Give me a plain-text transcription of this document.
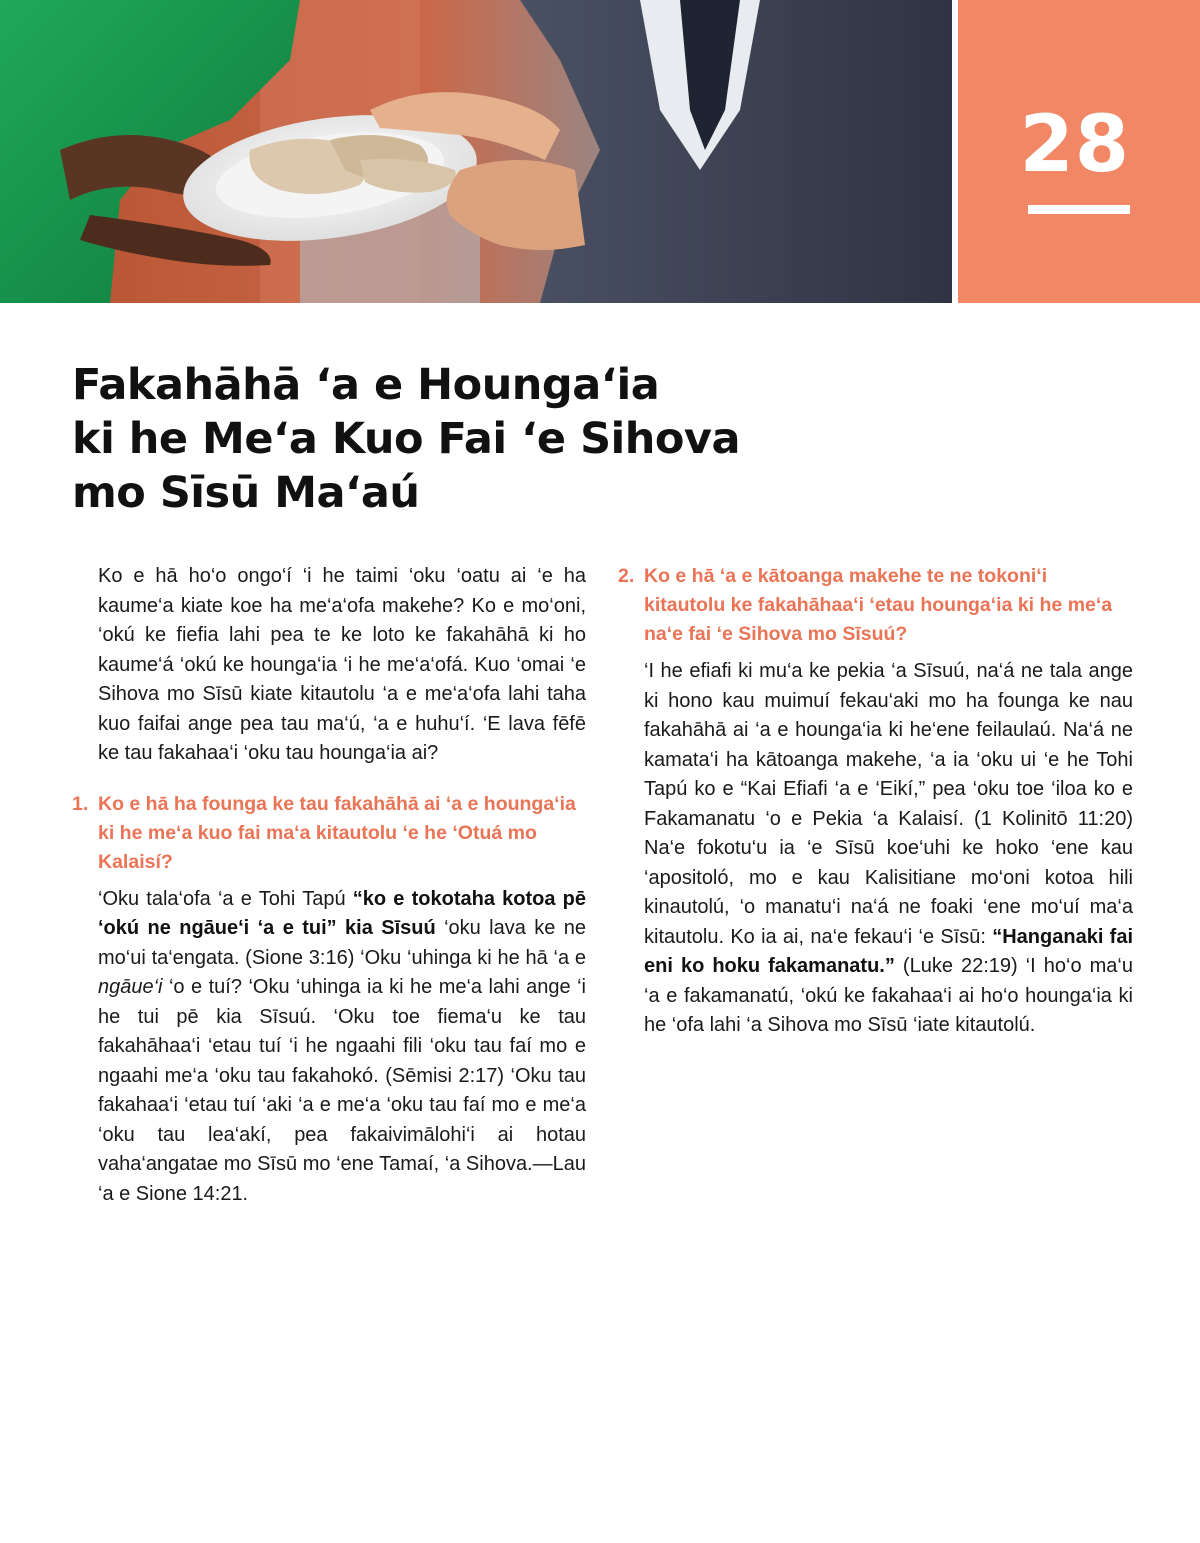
28
Fakahāhā ʻa e Hounga‘ia
ki he Me‘a Kuo Fai ‘e Sihova
mo Sīsū Maʻaú

Ko e hā ho‘o ongo‘í ‘i he taimi ‘oku ‘oatu ai ‘e ha kaume‘a kiate koe ha me‘a‘ofa makehe? Ko e mo‘oni, ‘okú ke fiefia lahi pea te ke loto ke fakahāhā ki ho kaume‘á ‘okú ke hounga‘ia ‘i he me‘a‘ofá. Kuo ‘omai ‘e Sihova mo Sīsū kiate kitautolu ‘a e me‘a‘ofa lahi taha kuo faifai ange pea tau ma‘ú, ‘a e huhu‘í. ‘E lava fēfē ke tau fakahaa‘i ‘oku tau hounga‘ia ai?

1. Ko e hā ha founga ke tau fakahāhā ai ‘a e hounga‘ia ki he me‘a kuo fai ma‘a kitautolu ‘e he ‘Otuá mo Kalaisí?

‘Oku tala‘ofa ‘a e Tohi Tapú “ko e tokotaha kotoa pē ‘okú ne ngāue‘i ‘a e tui” kia Sīsuú ‘oku lava ke ne mo‘ui ta‘engata. (Sione 3:16) ‘Oku ‘uhinga ki he hā ‘a e ngāue‘i ‘o e tuí? ‘Oku ‘uhinga ia ki he me‘a lahi ange ‘i he tui pē kia Sīsuú. ‘Oku toe fiema‘u ke tau fakahāhaa‘i ‘etau tuí ‘i he ngaahi fili ‘oku tau faí mo e ngaahi me‘a ‘oku tau fakahokó. (Sēmisi 2:17) ‘Oku tau fakahaa‘i ‘etau tuí ‘aki ‘a e me‘a ‘oku tau faí mo e me‘a ‘oku tau lea‘akí, pea fakaivimālohi‘i ai hotau vaha‘angatae mo Sīsū mo ‘ene Tamaí, ‘a Sihova.—Lau ‘a e Sione 14:21.

2. Ko e hā ‘a e kātoanga makehe te ne tokoni‘i kitautolu ke fakahāhaa‘i ‘etau hounga‘ia ki he me‘a na‘e fai ‘e Sihova mo Sīsuú?

‘I he efiafi ki mu‘a ke pekia ‘a Sīsuú, na‘á ne tala ange ki hono kau muimuí fekau‘aki mo ha founga ke nau fakahāhā ai ‘a e hounga‘ia ki he‘ene feilaulaú. Na‘á ne kamata‘i ha kātoanga makehe, ‘a ia ‘oku ui ‘e he Tohi Tapú ko e “Kai Efiafi ‘a e ‘Eikí,” pea ‘oku toe ‘iloa ko e Fakamanatu ‘o e Pekia ‘a Kalaisí. (1 Kolinitō 11:20) Na‘e fokotu‘u ia ‘e Sīsū koe‘uhi ke hoko ‘ene kau ‘apositoló, mo e kau Kalisitiane mo‘oni kotoa hili kinautolú, ‘o manatu‘i na‘á ne foaki ‘ene mo‘uí ma‘a kitautolu. Ko ia ai, na‘e fekau‘i ‘e Sīsū: “Hanganaki fai eni ko hoku fakamanatu.” (Luke 22:19) ‘I ho‘o ma‘u ‘a e fakamanatú, ‘okú ke fakahaa‘i ai ho‘o hounga‘ia ki he ‘ofa lahi ‘a Sihova mo Sīsū ‘iate kitautolú.
